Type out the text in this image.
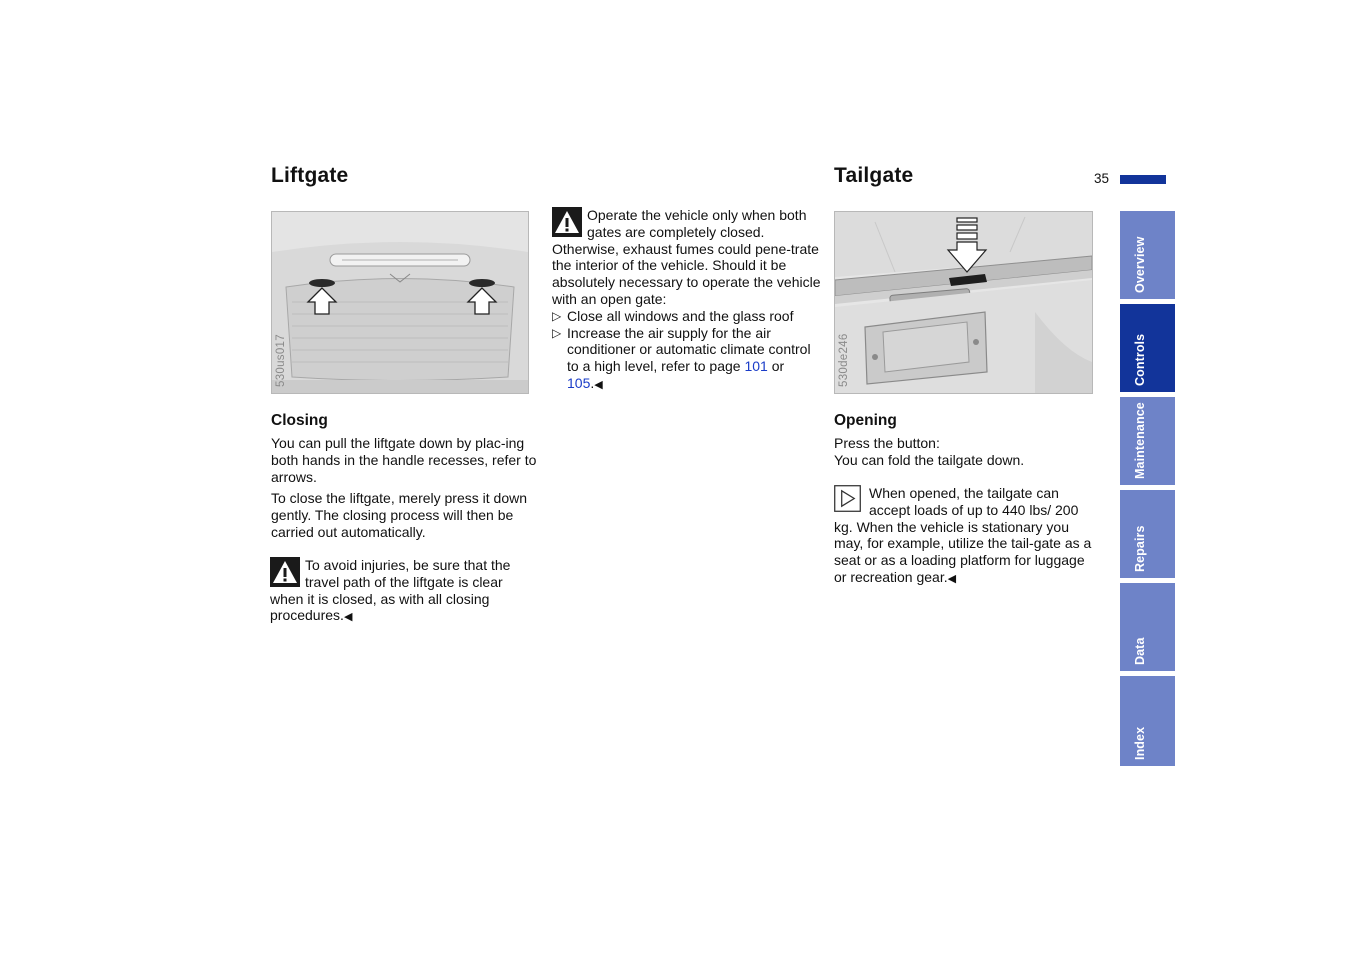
35
Liftgate
530us017
Closing

You can pull the liftgate down by plac-ing both hands in the handle recesses, refer to arrows.

To close the liftgate, merely press it down gently. The closing process will then be carried out automatically.

To avoid injuries, be sure that the travel path of the liftgate is clear when it is closed, as with all closing procedures.◀

Operate the vehicle only when both gates are completely closed. Otherwise, exhaust fumes could pene-trate the interior of the vehicle. Should it be absolutely necessary to operate the vehicle with an open gate:

▷ Close all windows and the glass roof

▷ Increase the air supply for the air conditioner or automatic climate control to a high level, refer to page 101 or 105.◀

Tailgate
530de246
Opening

Press the button:

You can fold the tailgate down.

When opened, the tailgate can accept loads of up to 440 lbs/ 200 kg. When the vehicle is stationary you may, for example, utilize the tail-gate as a seat or as a loading platform for luggage or recreation gear.◀

Overview
Controls
Maintenance
Repairs
Data
Index
